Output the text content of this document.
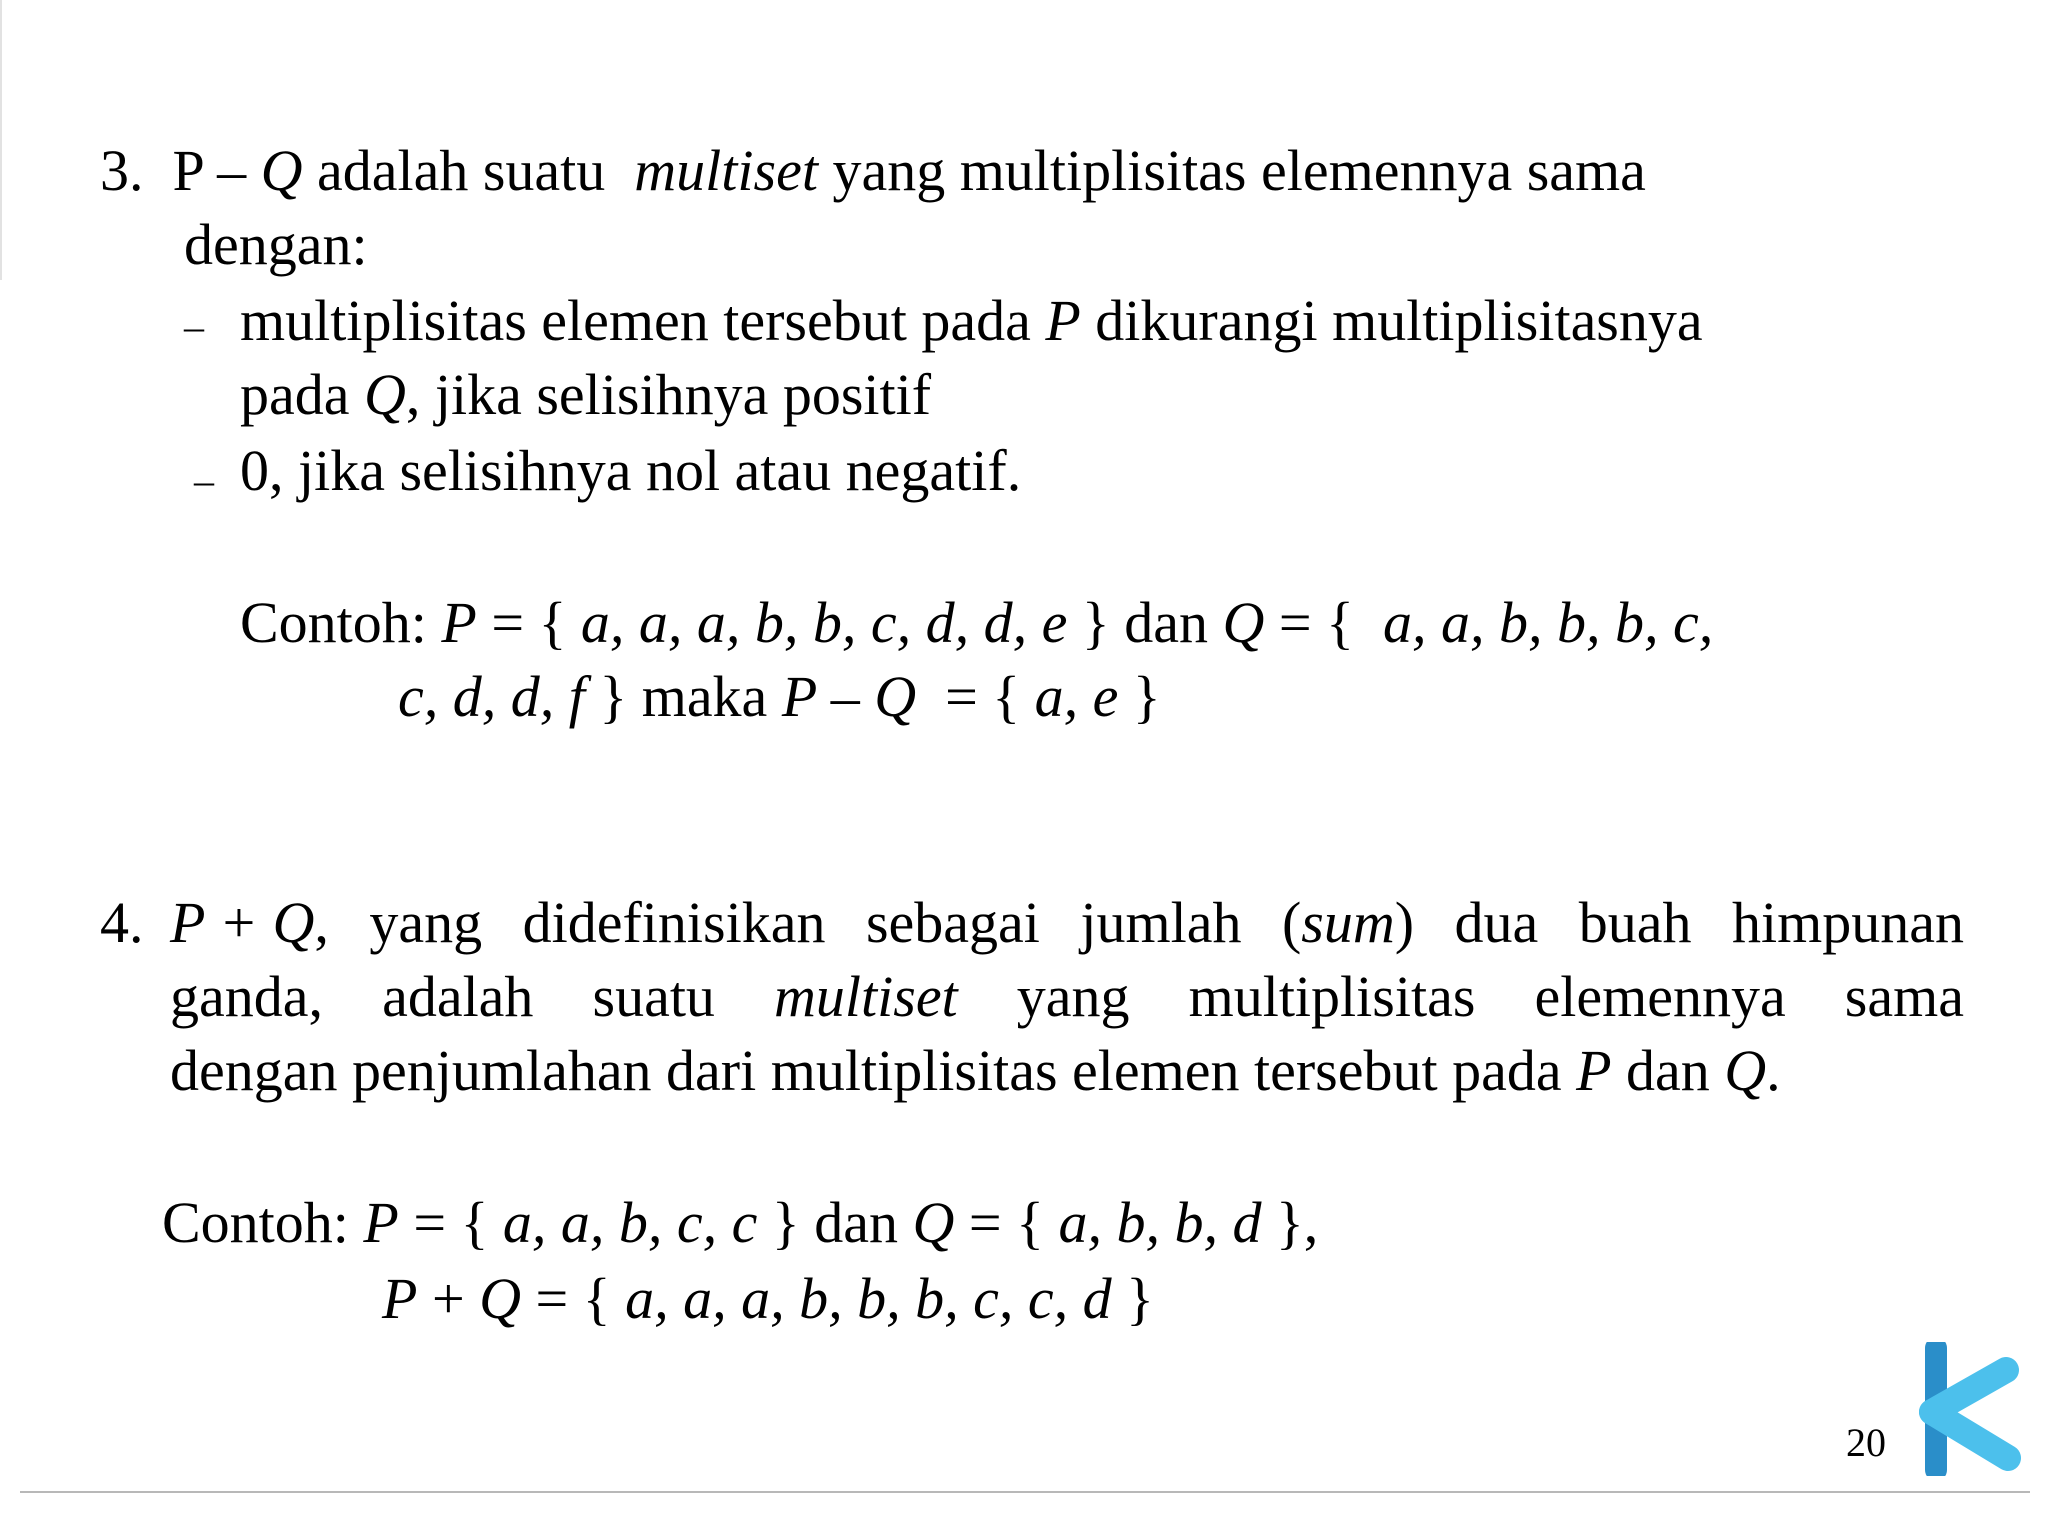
3. P – Q adalah suatu  multiset yang multiplisitas elemennya sama
dengan:
– multiplisitas elemen tersebut pada P dikurangi multiplisitasnya
pada Q, jika selisihnya positif
– 0, jika selisihnya nol atau negatif.
Contoh: P = { a, a, a, b, b, c, d, d, e } dan Q = {  a, a, b, b, b, c,
c, d, d, f } maka P – Q  = { a, e }
4. P + Q, yang didefinisikan sebagai jumlah (sum) dua buah himpunan
ganda, adalah suatu multiset yang multiplisitas elemennya sama
dengan penjumlahan dari multiplisitas elemen tersebut pada P dan Q.
Contoh: P = { a, a, b, c, c } dan Q = { a, b, b, d },
P + Q = { a, a, a, b, b, b, c, c, d }
20
